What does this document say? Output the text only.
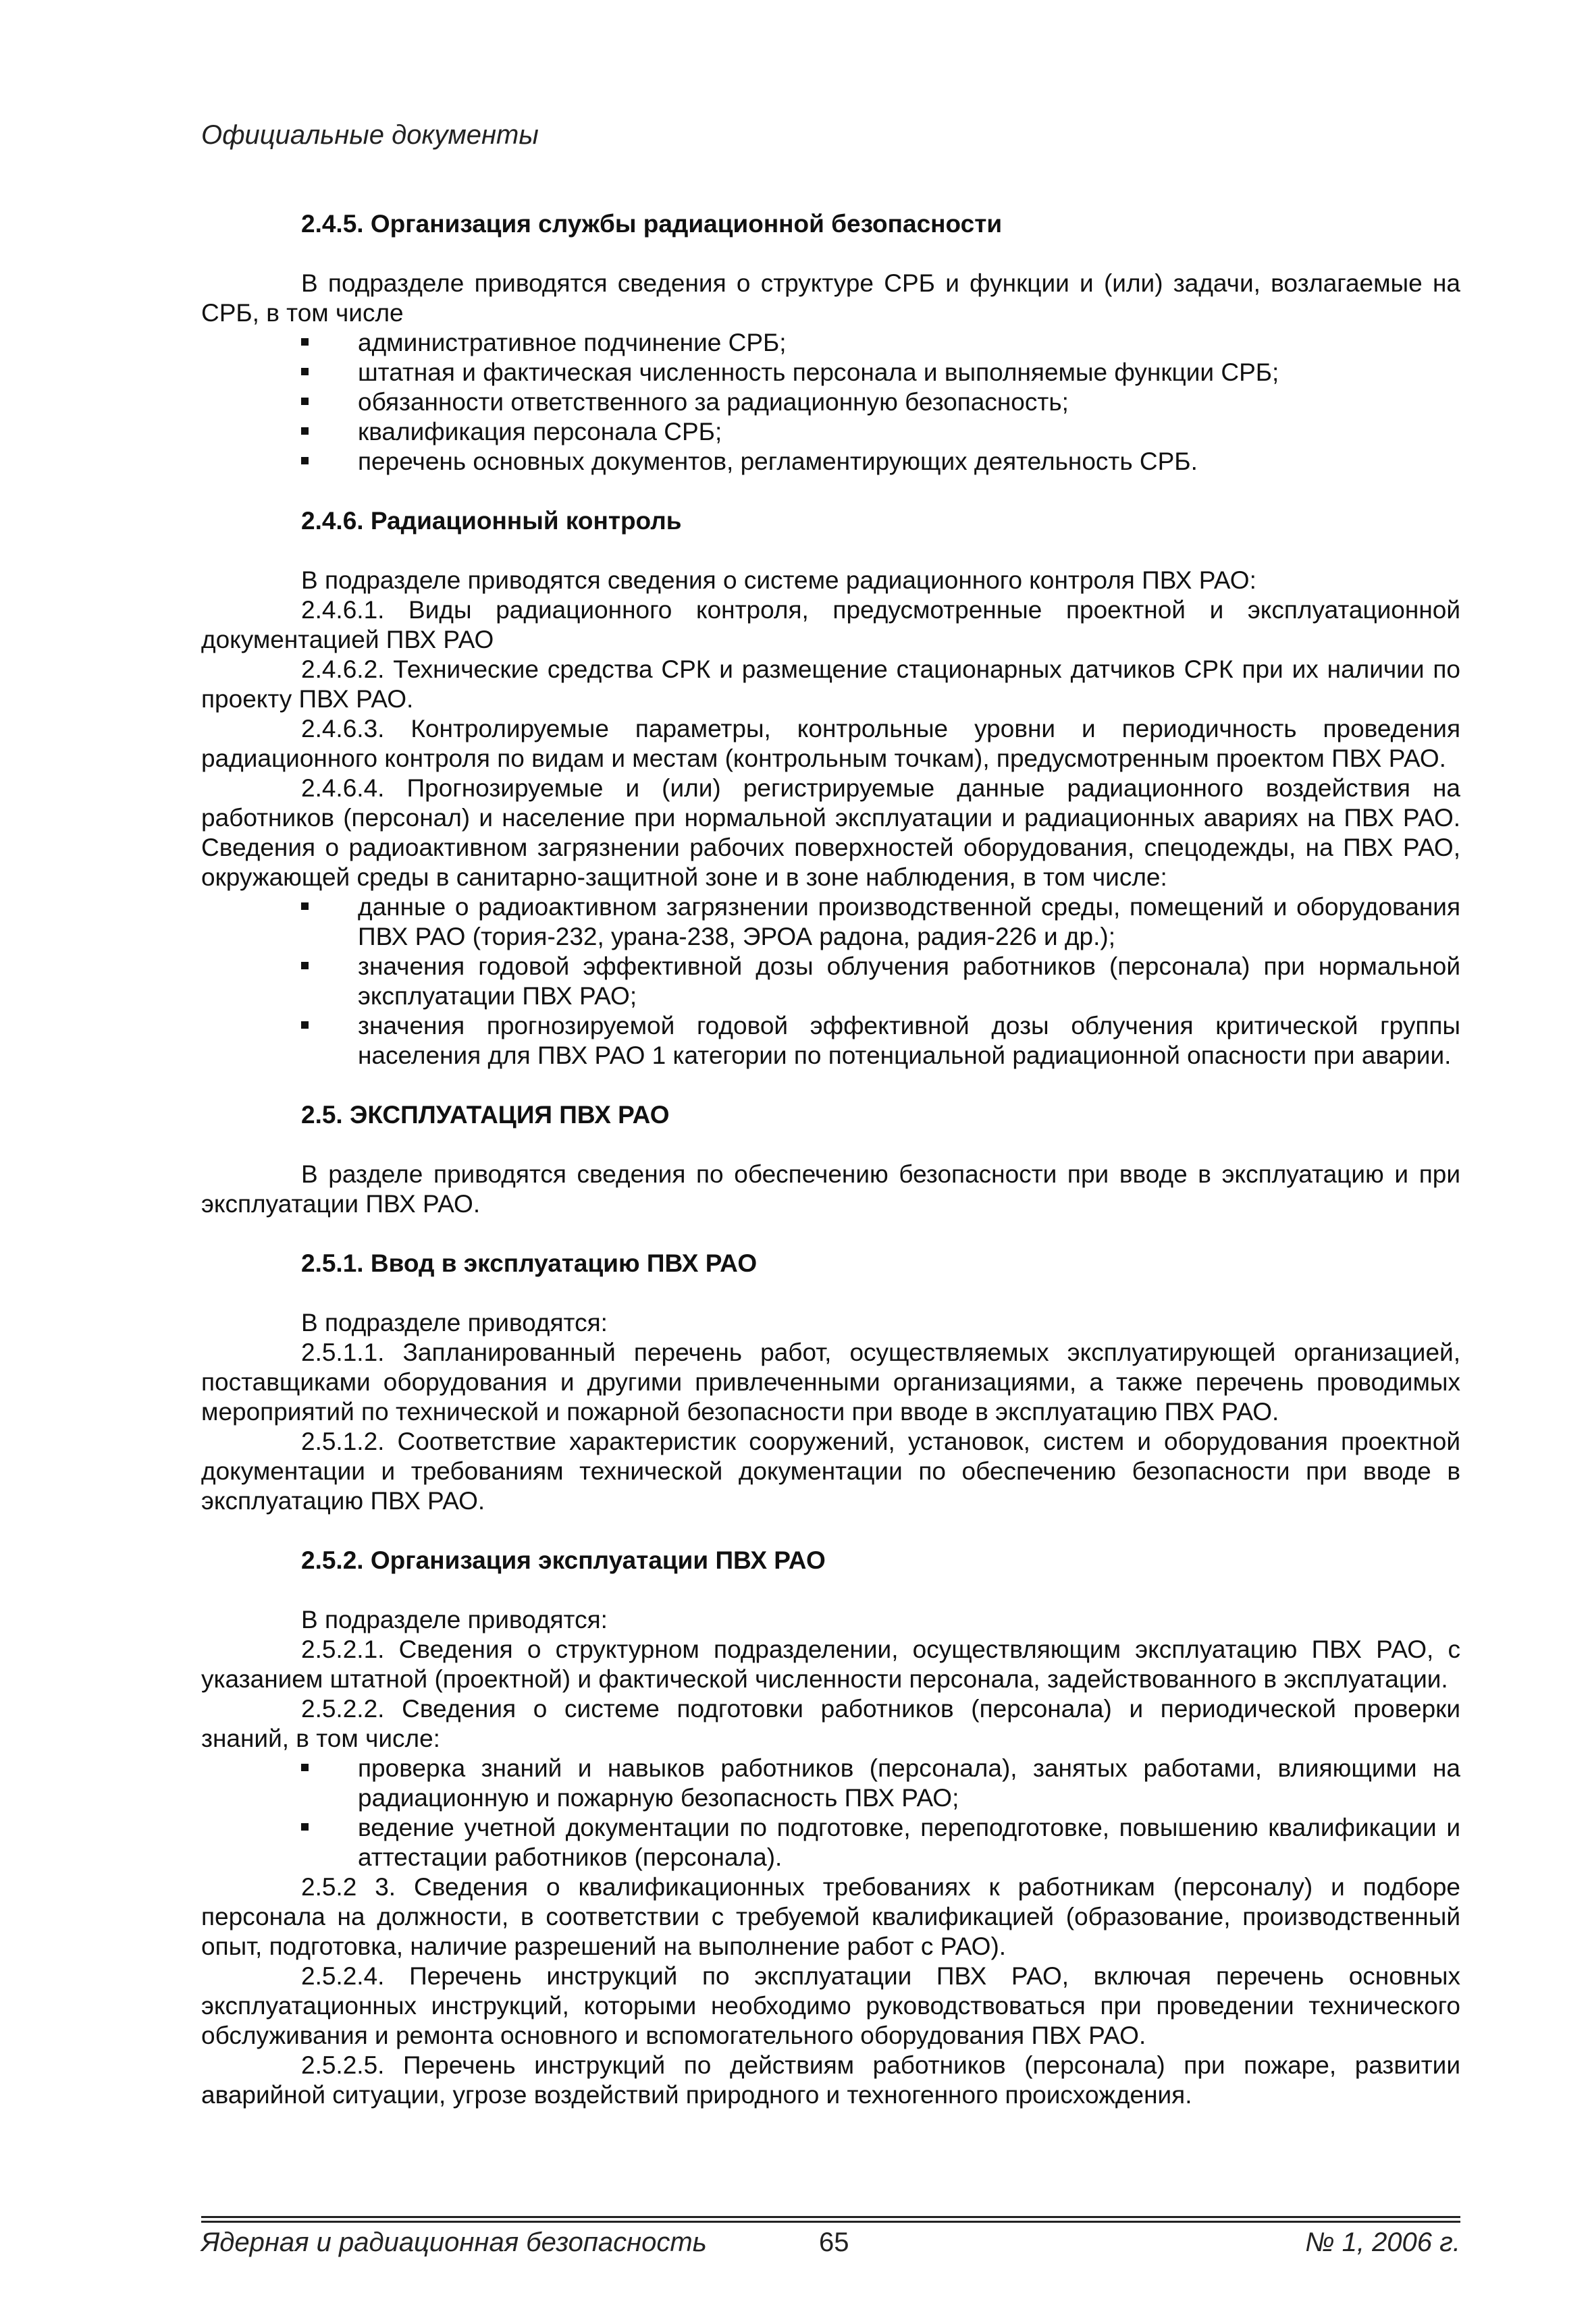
Официальные документы
2.4.5. Организация службы радиационной безопасности

В подразделе приводятся сведения о структуре СРБ и функции и (или) задачи, возлагаемые на СРБ, в том числе

административное подчинение СРБ;
штатная и фактическая численность персонала и выполняемые функции СРБ;
обязанности ответственного за радиационную безопасность;
квалификация персонала СРБ;
перечень основных документов, регламентирующих деятельность СРБ.
2.4.6. Радиационный контроль

В подразделе приводятся сведения о системе радиационного контроля ПВХ РАО:

2.4.6.1. Виды радиационного контроля, предусмотренные проектной и эксплуатационной документацией ПВХ РАО

2.4.6.2. Технические средства СРК и размещение стационарных датчиков СРК при их наличии по проекту ПВХ РАО.

2.4.6.3. Контролируемые параметры, контрольные уровни и периодичность проведения радиационного контроля по видам и местам (контрольным точкам), предусмотренным проектом ПВХ РАО.

2.4.6.4. Прогнозируемые и (или) регистрируемые данные радиационного воздействия на работников (персонал) и население при нормальной эксплуатации и радиационных авариях на ПВХ РАО. Сведения о радиоактивном загрязнении рабочих поверхностей оборудования, спецодежды, на ПВХ РАО, окружающей среды в санитарно-защитной зоне и в зоне наблюдения, в том числе:

данные о радиоактивном загрязнении производственной среды, помещений и оборудования ПВХ РАО (тория-232, урана-238, ЭРОА радона, радия-226 и др.);
значения годовой эффективной дозы облучения работников (персонала) при нормальной эксплуатации ПВХ РАО;
значения прогнозируемой годовой эффективной дозы облучения критической группы населения для ПВХ РАО 1 категории по потенциальной радиационной опасности при аварии.
2.5. ЭКСПЛУАТАЦИЯ ПВХ РАО

В разделе приводятся сведения по обеспечению безопасности при вводе в эксплуатацию и при эксплуатации ПВХ РАО.

2.5.1. Ввод в эксплуатацию ПВХ РАО

В подразделе приводятся:

2.5.1.1. Запланированный перечень работ, осуществляемых эксплуатирующей организацией, поставщиками оборудования и другими привлеченными организациями, а также перечень проводимых мероприятий по технической и пожарной безопасности при вводе в эксплуатацию ПВХ РАО.

2.5.1.2. Соответствие характеристик сооружений, установок, систем и оборудования проектной документации и требованиям технической документации по обеспечению безопасности при вводе в эксплуатацию ПВХ РАО.

2.5.2. Организация эксплуатации ПВХ РАО

В подразделе приводятся:

2.5.2.1. Сведения о структурном подразделении, осуществляющим эксплуатацию ПВХ РАО, с указанием штатной (проектной) и фактической численности персонала, задействованного в эксплуатации.

2.5.2.2. Сведения о системе подготовки работников (персонала) и периодической проверки знаний, в том числе:

проверка знаний и навыков работников (персонала), занятых работами, влияющими на радиационную и пожарную безопасность ПВХ РАО;
ведение учетной документации по подготовке, переподготовке, повышению квалификации и аттестации работников (персонала).

2.5.2 3. Сведения о квалификационных требованиях к работникам (персоналу) и подборе персонала на должности, в соответствии с требуемой квалификацией (образование, производственный опыт, подготовка, наличие разрешений на выполнение работ с РАО).

2.5.2.4. Перечень инструкций по эксплуатации ПВХ РАО, включая перечень основных эксплуатационных инструкций, которыми необходимо руководствоваться при проведении технического обслуживания и ремонта основного и вспомогательного оборудования ПВХ РАО.

2.5.2.5. Перечень инструкций по действиям работников (персонала) при пожаре, развитии аварийной ситуации, угрозе воздействий природного и техногенного происхождения.

Ядерная и радиационная безопасность	65	№ 1, 2006 г.
